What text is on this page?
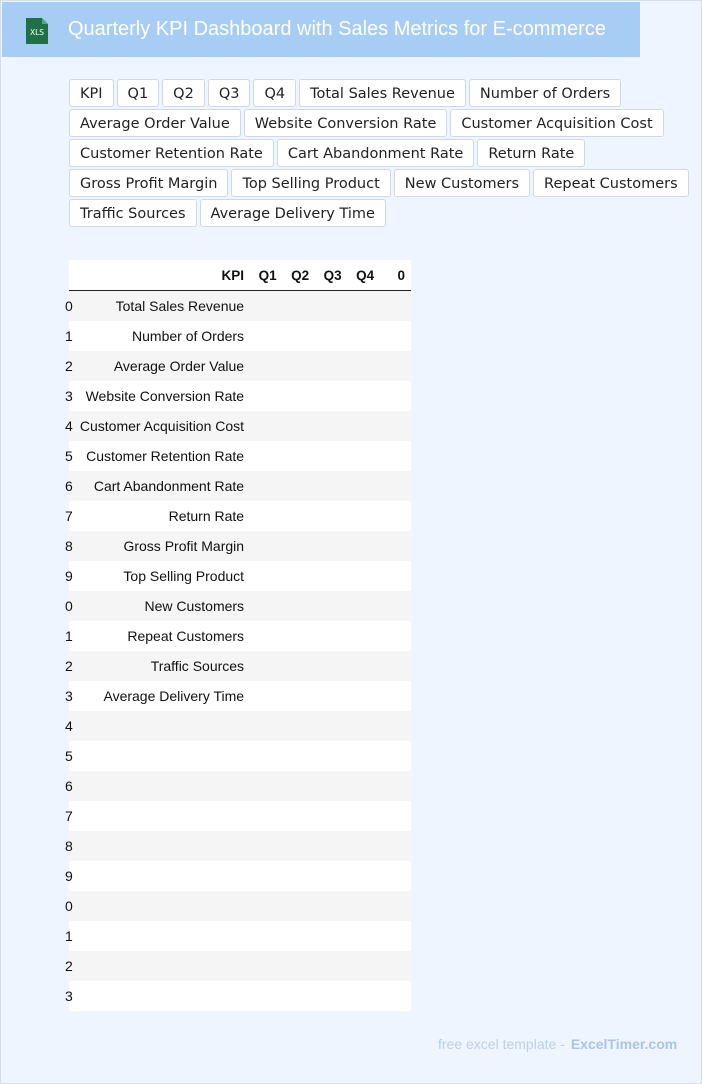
XLS Quarterly KPI Dashboard with Sales Metrics for E-commerce
KPI	Q1	Q2	Q3	Q4	Total Sales Revenue	Number of Orders
Average Order Value	Website Conversion Rate	Customer Acquisition Cost
Customer Retention Rate	Cart Abandonment Rate	Return Rate
Gross Profit Margin	Top Selling Product	New Customers	Repeat Customers
Traffic Sources	Average Delivery Time
	KPI	Q1	Q2	Q3	Q4	0

0	Total Sales Revenue					

1	Number of Orders					

2	Average Order Value					

3	Website Conversion Rate					

4	Customer Acquisition Cost					

5	Customer Retention Rate					

6	Cart Abandonment Rate					

7	Return Rate					

8	Gross Profit Margin					

9	Top Selling Product					

0	New Customers					

1	Repeat Customers					

2	Traffic Sources					

3	Average Delivery Time					

4					

5					

6					

7					

8					

9					

0					

1					

2					

3					

free excel template - ExcelTimer.com
